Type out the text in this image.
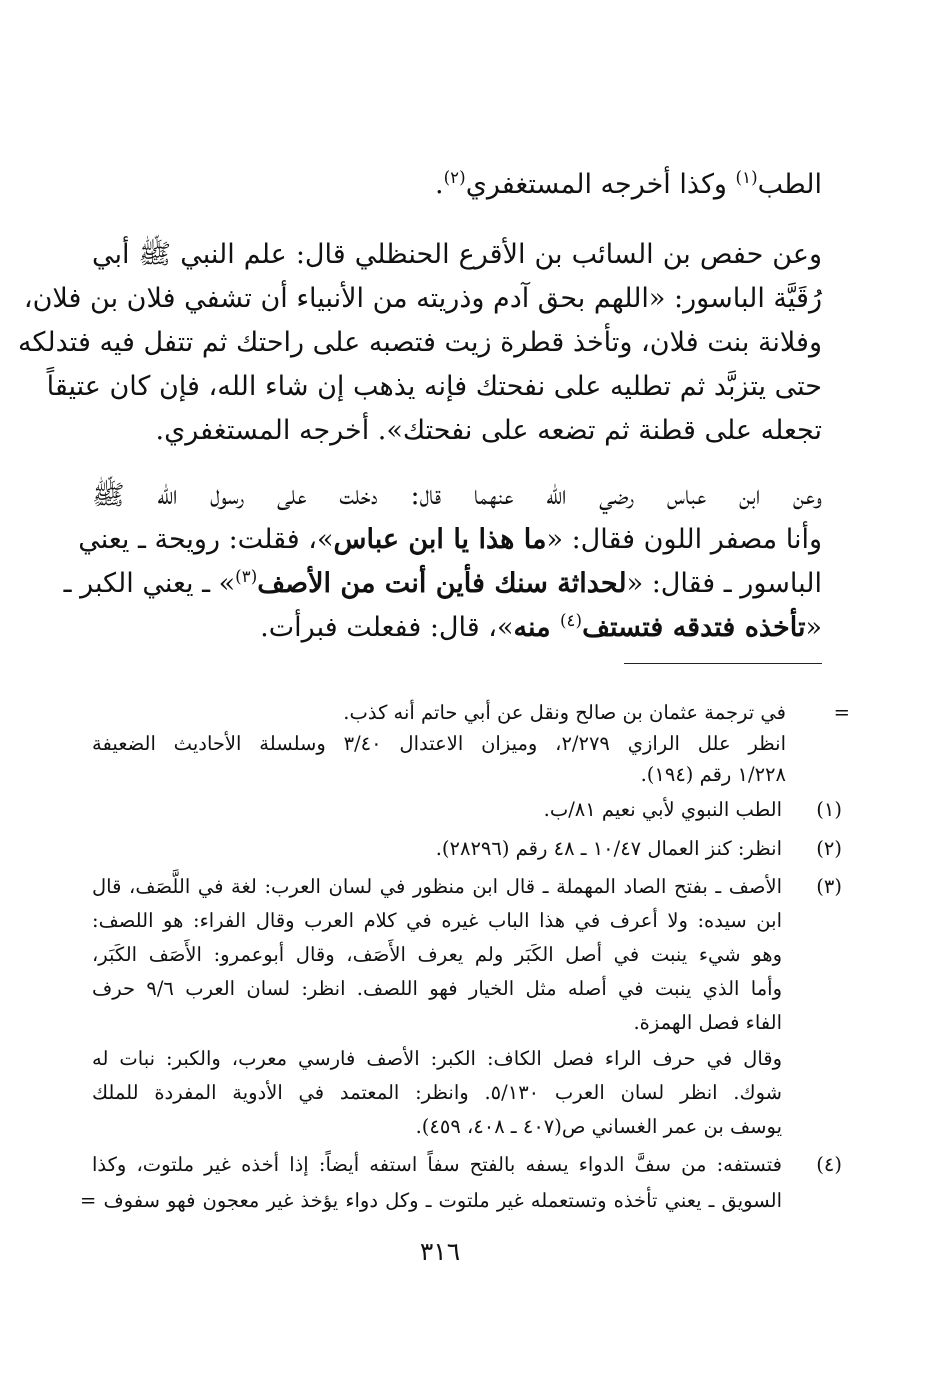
الطب$^{(١)}$ وكذا أخرجه المستغفري$^{(٢)}$.
وعن حفص بن السائب بن الأقرع الحنظلي قال: علم النبي ﷺ أبي
رُقَيَّة الباسور: «اللهم بحق آدم وذريته من الأنبياء أن تشفي فلان بن فلان،
وفلانة بنت فلان، وتأخذ قطرة زيت فتصبه على راحتك ثم تتفل فيه فتدلكه
حتى يتزبَّد ثم تطليه على نفحتك فإنه يذهب إن شاء الله، فإن كان عتيقاً
تجعله على قطنة ثم تضعه على نفحتك». أخرجه المستغفري.
وعن ابن عباس رضي الله عنهما قال: دخلت على رسول الله ﷺ
وأنا مصفر اللون فقال: «ما هذا يا ابن عباس»، فقلت: رويحة ـ يعني
الباسور ـ فقال: «لحداثة سنك فأين أنت من الأصف$^{(٣)}$» ـ يعني الكبر ـ
«تأخذه فتدقه فتستف$^{(٤)}$ منه»، قال: ففعلت فبرأت.
=
في ترجمة عثمان بن صالح ونقل عن أبي حاتم أنه كذب.
انظر علل الرازي ٢/٢٧٩، وميزان الاعتدال ٣/٤٠ وسلسلة الأحاديث الضعيفة
١/٢٢٨ رقم (١٩٤).
(١)
الطب النبوي لأبي نعيم ٨١/ب.
(٢)
انظر: كنز العمال ١٠/٤٧ ـ ٤٨ رقم (٢٨٢٩٦).
(٣)
الأصف ـ بفتح الصاد المهملة ـ قال ابن منظور في لسان العرب: لغة في اللَّصَف، قال
ابن سيده: ولا أعرف في هذا الباب غيره في كلام العرب وقال الفراء: هو اللصف:
وهو شيء ينبت في أصل الكَبَر ولم يعرف الأَصَف، وقال أبوعمرو: الأَصَف الكَبَر،
وأما الذي ينبت في أصله مثل الخيار فهو اللصف. انظر: لسان العرب ٩/٦ حرف
الفاء فصل الهمزة.
وقال في حرف الراء فصل الكاف: الكبر: الأصف فارسي معرب، والكبر: نبات له
شوك. انظر لسان العرب ٥/١٣٠. وانظر: المعتمد في الأدوية المفردة للملك
يوسف بن عمر الغساني ص(٤٠٧ ـ ٤٠٨، ٤٥٩).
(٤)
فتستفه: من سفَّ الدواء يسفه بالفتح سفاً استفه أيضاً: إذا أخذه غير ملتوت، وكذا
السويق ـ يعني تأخذه وتستعمله غير ملتوت ـ وكل دواء يؤخذ غير معجون فهو سفوف =
٣١٦
